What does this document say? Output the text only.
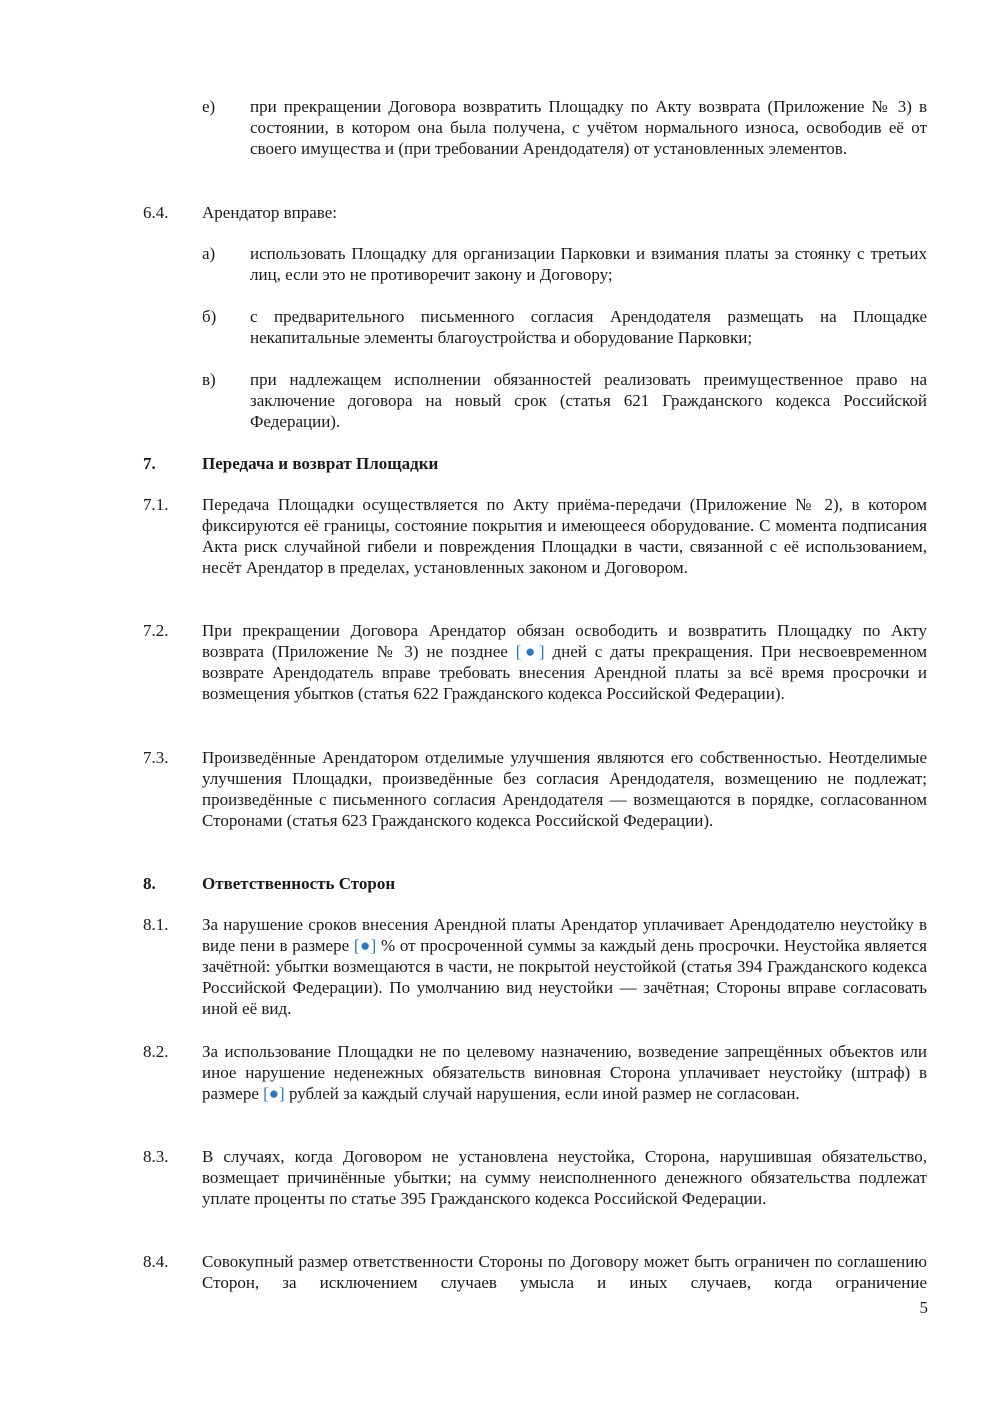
е) при прекращении Договора возвратить Площадку по Акту возврата (Приложение № 3) в состоянии, в котором она была получена, с учётом нормального износа, освободив её от своего имущества и (при требовании Арендодателя) от установленных элементов.
6.4. Арендатор вправе:
а) использовать Площадку для организации Парковки и взимания платы за стоянку с третьих лиц, если это не противоречит закону и Договору;
б) с предварительного письменного согласия Арендодателя размещать на Площадке некапитальные элементы благоустройства и оборудование Парковки;
в) при надлежащем исполнении обязанностей реализовать преимущественное право на заключение договора на новый срок (статья 621 Гражданского кодекса Российской Федерации).
7.	Передача и возврат Площадки
7.1. Передача Площадки осуществляется по Акту приёма-передачи (Приложение № 2), в котором фиксируются её границы, состояние покрытия и имеющееся оборудование. С момента подписания Акта риск случайной гибели и повреждения Площадки в части, связанной с её использованием, несёт Арендатор в пределах, установленных законом и Договором.
7.2. При прекращении Договора Арендатор обязан освободить и возвратить Площадку по Акту возврата (Приложение № 3) не позднее [●] дней с даты прекращения. При несвоевременном возврате Арендодатель вправе требовать внесения Арендной платы за всё время просрочки и возмещения убытков (статья 622 Гражданского кодекса Российской Федерации).
7.3. Произведённые Арендатором отделимые улучшения являются его собственностью. Неотделимые улучшения Площадки, произведённые без согласия Арендодателя, возмещению не подлежат; произведённые с письменного согласия Арендодателя — возмещаются в порядке, согласованном Сторонами (статья 623 Гражданского кодекса Российской Федерации).
8.	Ответственность Сторон
8.1. За нарушение сроков внесения Арендной платы Арендатор уплачивает Арендодателю неустойку в виде пени в размере [●] % от просроченной суммы за каждый день просрочки. Неустойка является зачётной: убытки возмещаются в части, не покрытой неустойкой (статья 394 Гражданского кодекса Российской Федерации). По умолчанию вид неустойки — зачётная; Стороны вправе согласовать иной её вид.
8.2. За использование Площадки не по целевому назначению, возведение запрещённых объектов или иное нарушение неденежных обязательств виновная Сторона уплачивает неустойку (штраф) в размере [●] рублей за каждый случай нарушения, если иной размер не согласован.
8.3. В случаях, когда Договором не установлена неустойка, Сторона, нарушившая обязательство, возмещает причинённые убытки; на сумму неисполненного денежного обязательства подлежат уплате проценты по статье 395 Гражданского кодекса Российской Федерации.
8.4. Совокупный размер ответственности Стороны по Договору может быть ограничен по соглашению Сторон, за исключением случаев умысла и иных случаев, когда ограничение
5
